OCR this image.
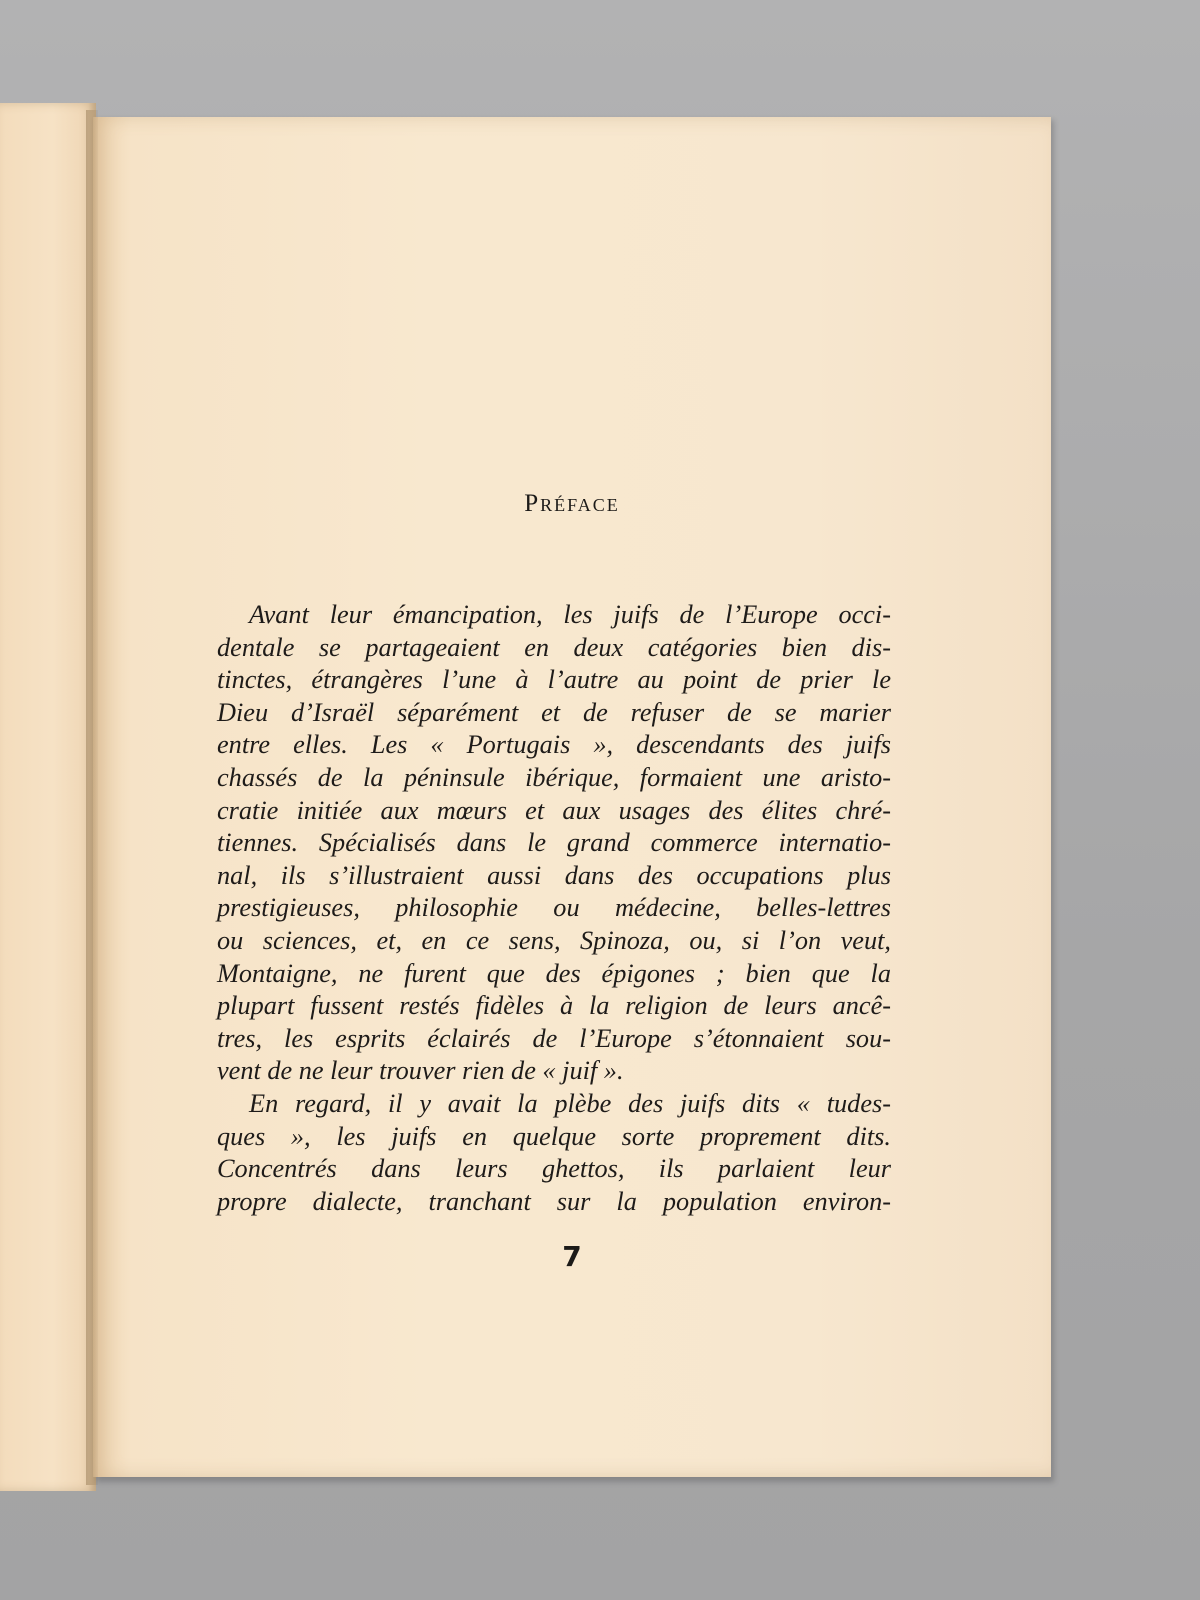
Préface
Avant leur émancipation, les juifs de l’Europe occi-
dentale se partageaient en deux catégories bien dis-
tinctes, étrangères l’une à l’autre au point de prier le
Dieu d’Israël séparément et de refuser de se marier
entre elles. Les « Portugais », descendants des juifs
chassés de la péninsule ibérique, formaient une aristo-
cratie initiée aux mœurs et aux usages des élites chré-
tiennes. Spécialisés dans le grand commerce internatio-
nal, ils s’illustraient aussi dans des occupations plus
prestigieuses, philosophie ou médecine, belles-lettres
ou sciences, et, en ce sens, Spinoza, ou, si l’on veut,
Montaigne, ne furent que des épigones ; bien que la
plupart fussent restés fidèles à la religion de leurs ancê-
tres, les esprits éclairés de l’Europe s’étonnaient sou-
vent de ne leur trouver rien de « juif ».
En regard, il y avait la plèbe des juifs dits « tudes-
ques », les juifs en quelque sorte proprement dits.
Concentrés dans leurs ghettos, ils parlaient leur
propre dialecte, tranchant sur la population environ-
7
